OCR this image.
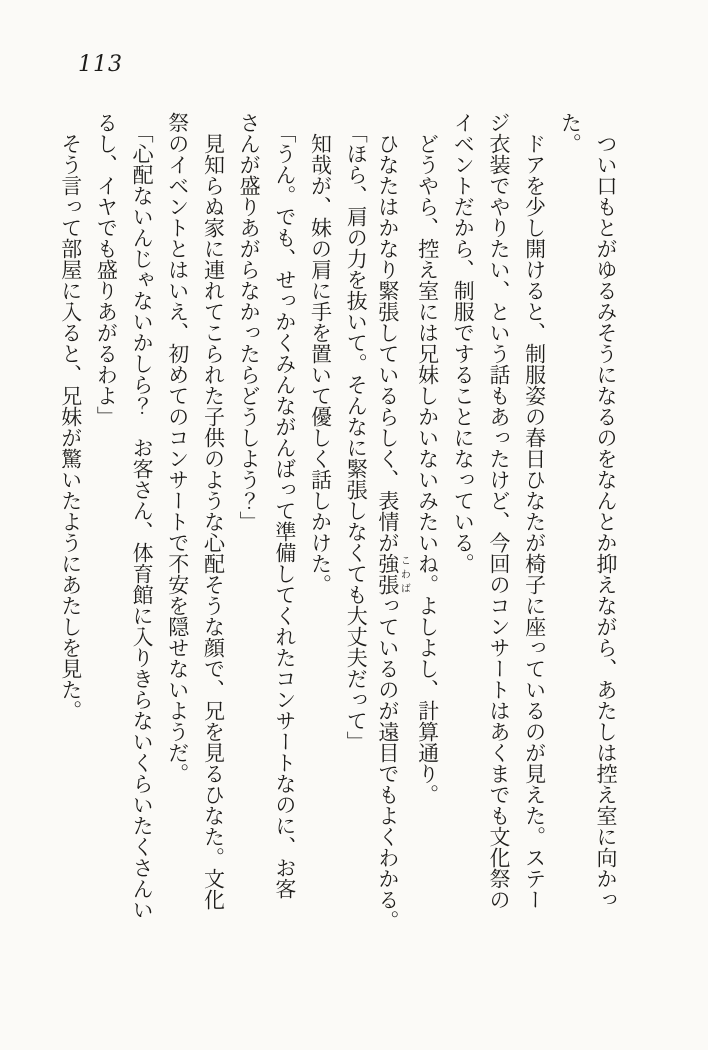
113

つい口もとがゆるみそうになるのをなんとか抑えながら、あたしは控え室に向かっ

た。

ドアを少し開けると、制服姿の春日ひなたが椅子に座っているのが見えた。ステー

ジ衣装でやりたい、という話もあったけど、今回のコンサートはあくまでも文化祭の

イベントだから、制服ですることになっている。

どうやら、控え室には兄妹しかいないみたいね。よしよし、計算通り。

ひなたはかなり緊張しているらしく、表情が強張こわばっているのが遠目でもよくわかる。

「ほら、肩の力を抜いて。そんなに緊張しなくても大丈夫だって」

知哉が、妹の肩に手を置いて優しく話しかけた。

「うん。でも、せっかくみんながんばって準備してくれたコンサートなのに、お客

さんが盛りあがらなかったらどうしよう？」

見知らぬ家に連れてこられた子供のような心配そうな顔で、兄を見るひなた。文化

祭のイベントとはいえ、初めてのコンサートで不安を隠せないようだ。

「心配ないんじゃないかしら？　お客さん、体育館に入りきらないくらいたくさんい

るし、イヤでも盛りあがるわよ」

そう言って部屋に入ると、兄妹が驚いたようにあたしを見た。
